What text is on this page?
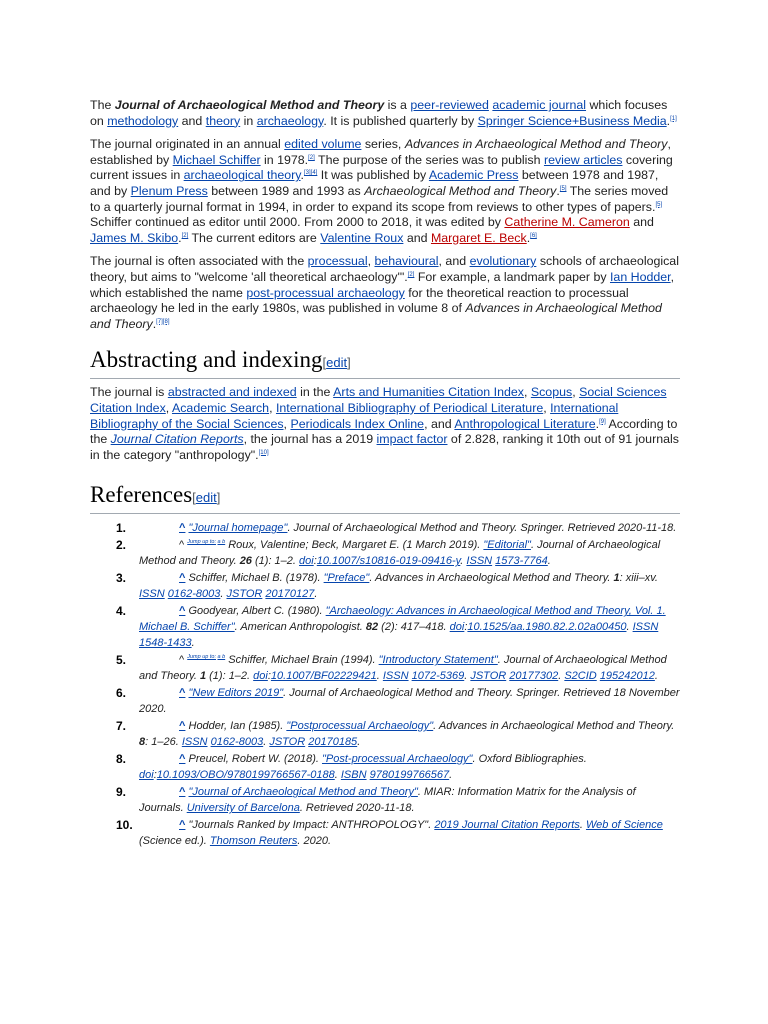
The Journal of Archaeological Method and Theory is a peer-reviewed academic journal which focuses on methodology and theory in archaeology. It is published quarterly by Springer Science+Business Media.[1]

The journal originated in an annual edited volume series, Advances in Archaeological Method and Theory, established by Michael Schiffer in 1978.[2] The purpose of the series was to publish review articles covering current issues in archaeological theory.[3][4] It was published by Academic Press between 1978 and 1987, and by Plenum Press between 1989 and 1993 as Archaeological Method and Theory.[5] The series moved to a quarterly journal format in 1994, in order to expand its scope from reviews to other types of papers.[5] Schiffer continued as editor until 2000. From 2000 to 2018, it was edited by Catherine M. Cameron and James M. Skibo.[2] The current editors are Valentine Roux and Margaret E. Beck.[6]

The journal is often associated with the processual, behavioural, and evolutionary schools of archaeological theory, but aims to "welcome 'all theoretical archaeology'".[2] For example, a landmark paper by Ian Hodder, which established the name post-processual archaeology for the theoretical reaction to processual archaeology he led in the early 1980s, was published in volume 8 of Advances in Archaeological Method and Theory.[7][8]

Abstracting and indexing[edit]

The journal is abstracted and indexed in the Arts and Humanities Citation Index, Scopus, Social Sciences Citation Index, Academic Search, International Bibliography of Periodical Literature, International Bibliography of the Social Sciences, Periodicals Index Online, and Anthropological Literature.[9] According to the Journal Citation Reports, the journal has a 2019 impact factor of 2.828, ranking it 10th out of 91 journals in the category "anthropology".[10]

References[edit]
1.	^ "Journal homepage". Journal of Archaeological Method and Theory. Springer. Retrieved 2020-11-18.
2.	^ $^{Jump up to: a b}$ Roux, Valentine; Beck, Margaret E. (1 March 2019). "Editorial". Journal of Archaeological Method and Theory. 26 (1): 1–2. doi:10.1007/s10816-019-09416-y. ISSN 1573-7764.
3.	^ Schiffer, Michael B. (1978). "Preface". Advances in Archaeological Method and Theory. 1: xiii–xv. ISSN 0162-8003. JSTOR 20170127.
4.	^ Goodyear, Albert C. (1980). "Archaeology: Advances in Archaeological Method and Theory, Vol. 1. Michael B. Schiffer". American Anthropologist. 82 (2): 417–418. doi:10.1525/aa.1980.82.2.02a00450. ISSN 1548-1433.
5.	^ $^{Jump up to: a b}$ Schiffer, Michael Brain (1994). "Introductory Statement". Journal of Archaeological Method and Theory. 1 (1): 1–2. doi:10.1007/BF02229421. ISSN 1072-5369. JSTOR 20177302. S2CID 195242012.
6.	^ "New Editors 2019". Journal of Archaeological Method and Theory. Springer. Retrieved 18 November 2020.
7.	^ Hodder, Ian (1985). "Postprocessual Archaeology". Advances in Archaeological Method and Theory. 8: 1–26. ISSN 0162-8003. JSTOR 20170185.
8.	^ Preucel, Robert W. (2018). "Post-processual Archaeology". Oxford Bibliographies. doi:10.1093/OBO/9780199766567-0188. ISBN 9780199766567.
9.	^ "Journal of Archaeological Method and Theory". MIAR: Information Matrix for the Analysis of Journals. University of Barcelona. Retrieved 2020-11-18.
10.	^ "Journals Ranked by Impact: ANTHROPOLOGY". 2019 Journal Citation Reports. Web of Science (Science ed.). Thomson Reuters. 2020.
